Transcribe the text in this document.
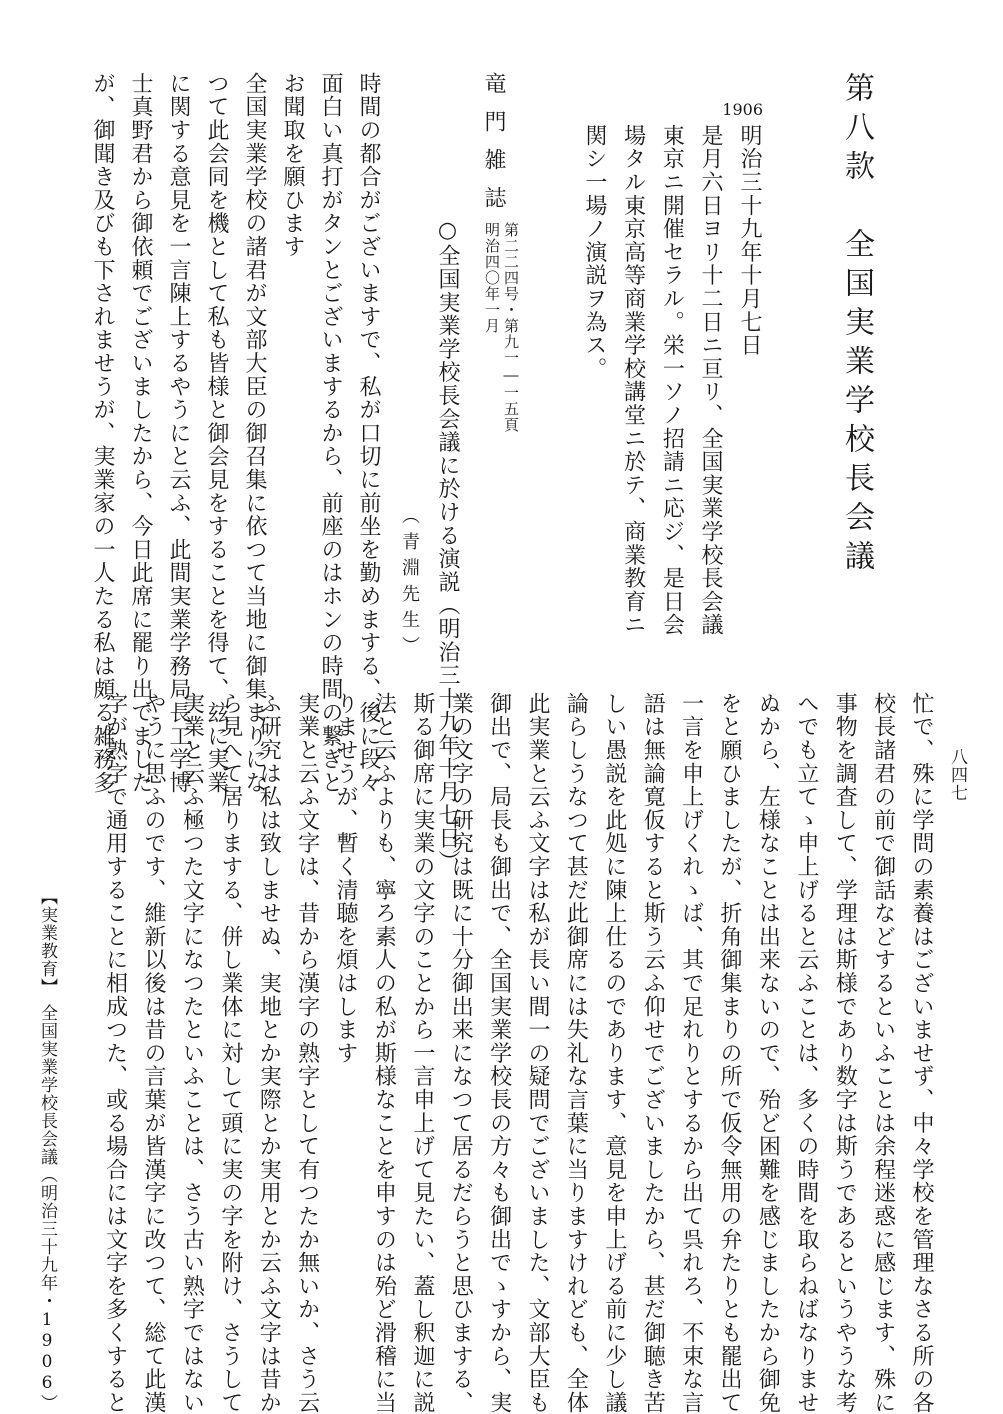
第八款　全国実業学校長会議
1906
明治三十九年十月七日
是月六日ヨリ十二日ニ亘リ、全国実業学校長会議
東京ニ開催セラル。栄一ソノ招請ニ応ジ、是日会
場タル東京高等商業学校講堂ニ於テ、商業教育ニ
関シ一場ノ演説ヲ為ス。
竜門雑誌
第二二四号・第九一―一五頁
明治四〇年一月
○全国実業学校長会議に於ける演説（明治三十九年十月七日）
（青淵先生）
時間の都合がございますで、私が口切に前坐を勤めまする、後に段々
面白い真打がタンとございまするから、前座のはホンの時間の繋ぎと
お聞取を願ひます
全国実業学校の諸君が文部大臣の御召集に依つて当地に御集まりにな
つて此会同を機として私も皆様と御会見をすることを得て、玆に実業
に関する意見を一言陳上するやうにと云ふ、此間実業学務局長工学博
士真野君から御依頼でございましたから、今日此席に罷り出でました
が、御聞き及びも下されませうが、実業家の一人たる私は頗る雑務多
忙で、殊に学問の素養はございませず、中々学校を管理なさる所の各
校長諸君の前で御話などするといふことは余程迷惑に感じます、殊に
事物を調査して、学理は斯様であり数字は斯うであるというやうな考
へでも立てゝ申上げると云ふことは、多くの時間を取らねばなりませ
ぬから、左様なことは出来ないので、殆ど困難を感じましたから御免
をと願ひましたが、折角御集まりの所で仮令無用の弁たりとも罷出て
一言を申上げくれゝば、其で足れりとするから出て呉れろ、不束な言
語は無論寛仮すると斯う云ふ仰せでございましたから、甚だ御聴き苦
しい愚説を此処に陳上仕るのであります、意見を申上げる前に少し議
論らしうなつて甚だ此御席には失礼な言葉に当りますけれども、全体
此実業と云ふ文字は私が長い間一の疑問でございました、文部大臣も
御出で、局長も御出で、全国実業学校長の方々も御出でゝすから、実
業の文字の研究は既に十分御出来になつて居るだらうと思ひまする、
斯る御席に実業の文字のことから一言申上げて見たい、蓋し釈迦に説
法と云ふよりも、寧ろ素人の私が斯様なことを申すのは殆ど滑稽に当
りませうが、暫く清聴を煩はします
実業と云ふ文字は、昔から漢字の熟字として有つたか無いか、さう云
ふ研究は私は致しませぬ、実地とか実際とか実用とか云ふ文字は昔か
ら見へて居りまする、併し業体に対して頭に実の字を附け、さうして
実業と云ふ極つた文字になつたといふことは、さう古い熟字ではない
やうに思ふのです、維新以後は昔の言葉が皆漢字に改つて、総て此漢
字が熟字で通用することに相成つた、或る場合には文字を多くすると
【実業教育】
全国実業学校長会議
（明治三十九年・1906）
八四七
